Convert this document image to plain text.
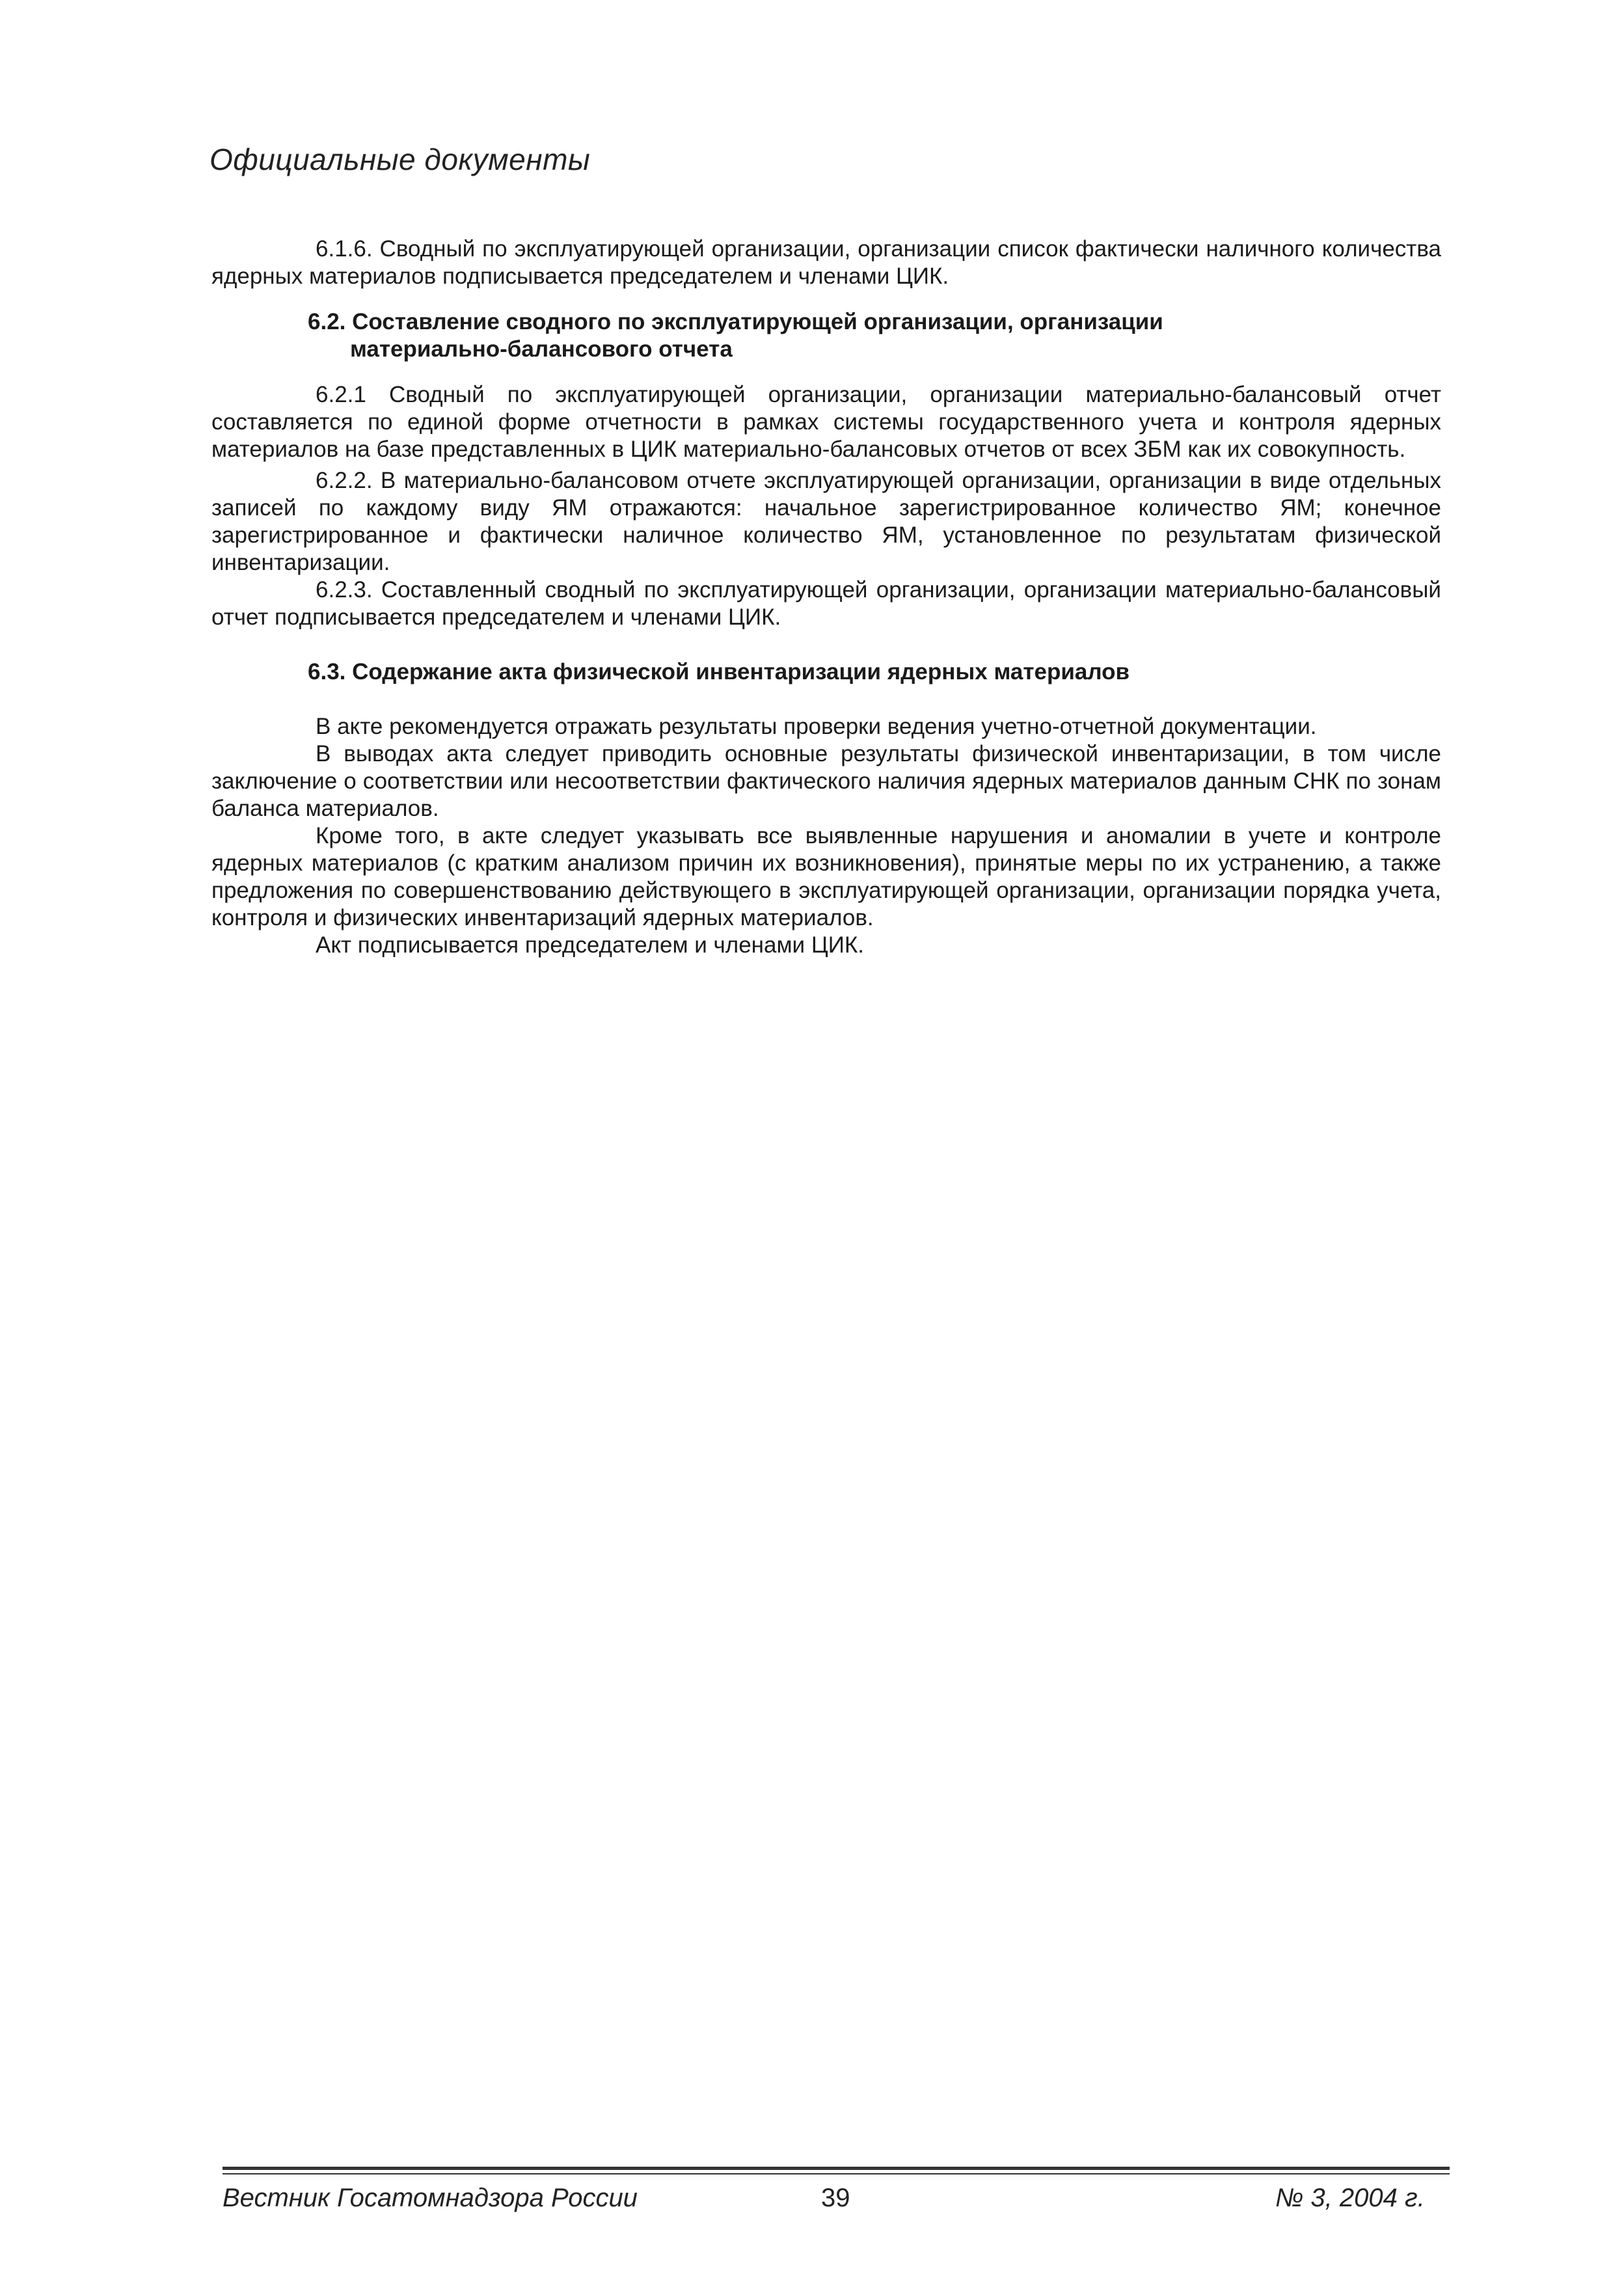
Официальные документы

6.1.6. Сводный по эксплуатирующей организации, организации список фактически наличного количества ядерных материалов подписывается председателем и членами ЦИК.

6.2. Составление сводного по эксплуатирующей организации, организации
материально-балансового отчета

6.2.1 Сводный по эксплуатирующей организации, организации материально-балансовый отчет составляется по единой форме отчетности в рамках системы государственного учета и контроля ядерных материалов на базе представленных в ЦИК материально-балансовых отчетов от всех ЗБМ как их совокупность.

6.2.2. В материально-балансовом отчете эксплуатирующей организации, организации в виде отдельных записей по каждому виду ЯМ отражаются: начальное зарегистрированное количество ЯМ; конечное зарегистрированное и фактически наличное количество ЯМ, установленное по результатам физической инвентаризации.

6.2.3. Составленный сводный по эксплуатирующей организации, организации материально-балансовый отчет подписывается председателем и членами ЦИК.

6.3. Содержание акта физической инвентаризации ядерных материалов

В акте рекомендуется отражать результаты проверки ведения учетно-отчетной документации.

В выводах акта следует приводить основные результаты физической инвентаризации, в том числе заключение о соответствии или несоответствии фактического наличия ядерных материалов данным СНК по зонам баланса материалов.

Кроме того, в акте следует указывать все выявленные нарушения и аномалии в учете и контроле ядерных материалов (с кратким анализом причин их возникновения), принятые меры по их устранению, а также предложения по совершенствованию действующего в эксплуатирующей организации, организации порядка учета, контроля и физических инвентаризаций ядерных материалов.

Акт подписывается председателем и членами ЦИК.

Вестник Госатомнадзора России	39	№ 3, 2004 г.
